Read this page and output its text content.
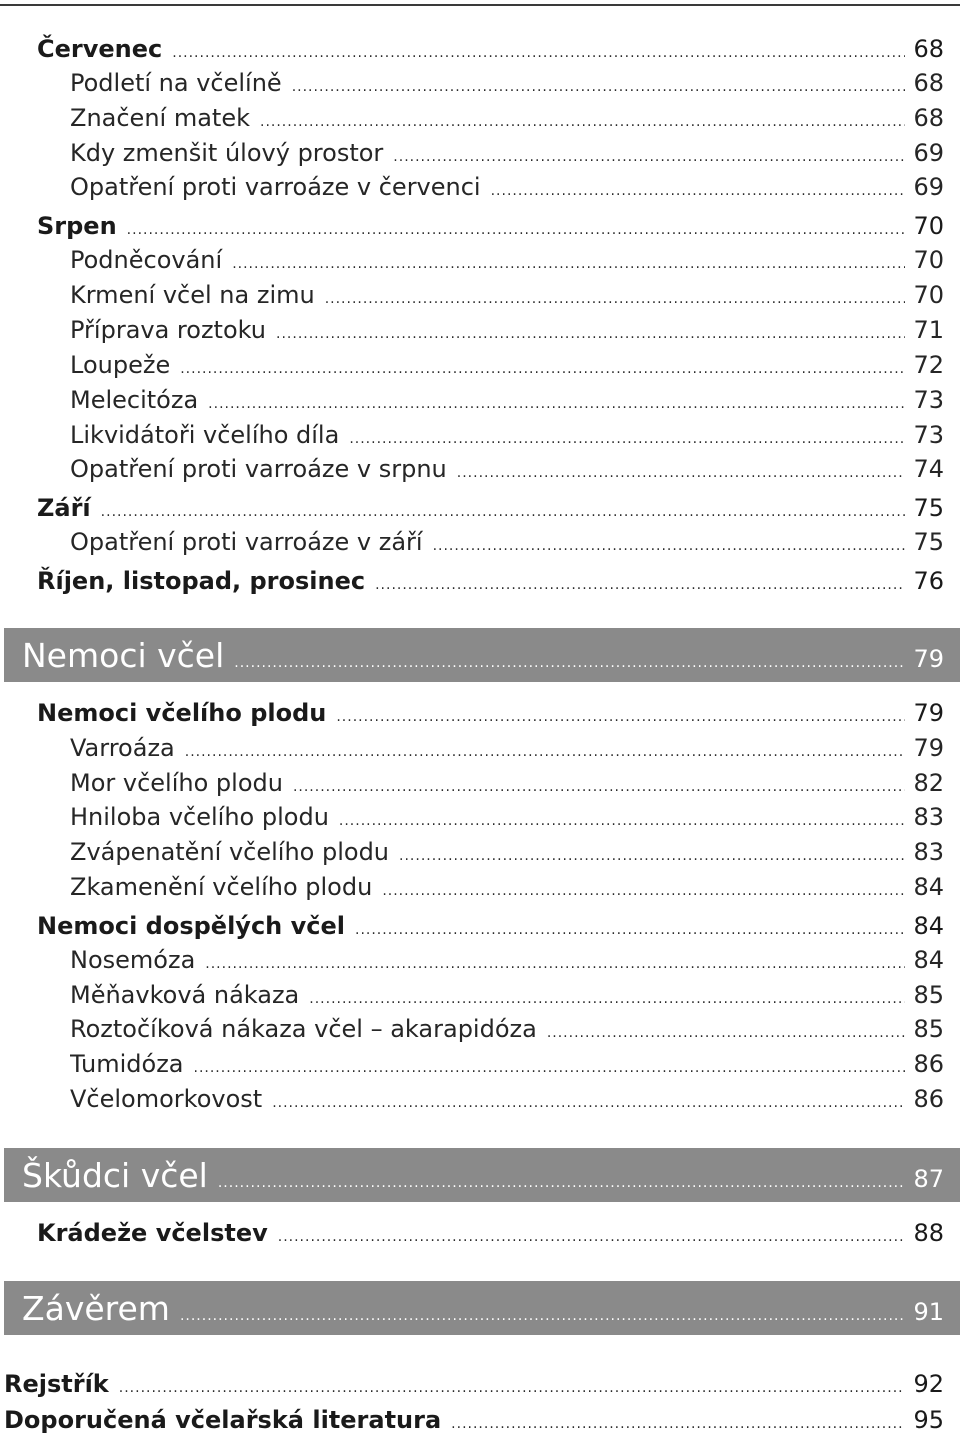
Červenec .....	68
Podletí na včelíně .....	68
Značení matek .....	68
Kdy zmenšit úlový prostor .....	69
Opatření proti varroáze v červenci .....	69
Srpen .....	70
Podněcování .....	70
Krmení včel na zimu .....	70
Příprava roztoku .....	71
Loupeže .....	72
Melecitóza .....	73
Likvidátoři včelího díla .....	73
Opatření proti varroáze v srpnu .....	74
Září .....	75
Opatření proti varroáze v září .....	75
Říjen, listopad, prosinec .....	76
Nemoci včel .....	79
Nemoci včelího plodu .....	79
Varroáza .....	79
Mor včelího plodu .....	82
Hniloba včelího plodu .....	83
Zvápenatění včelího plodu .....	83
Zkamenění včelího plodu .....	84
Nemoci dospělých včel .....	84
Nosemóza .....	84
Měňavková nákaza .....	85
Roztočíková nákaza včel – akarapidóza .....	85
Tumidóza .....	86
Včelomorkovost .....	86
Škůdci včel .....	87
Krádeže včelstev .....	88
Závěrem .....	91
Rejstřík .....	92
Doporučená včelařská literatura .....	95
